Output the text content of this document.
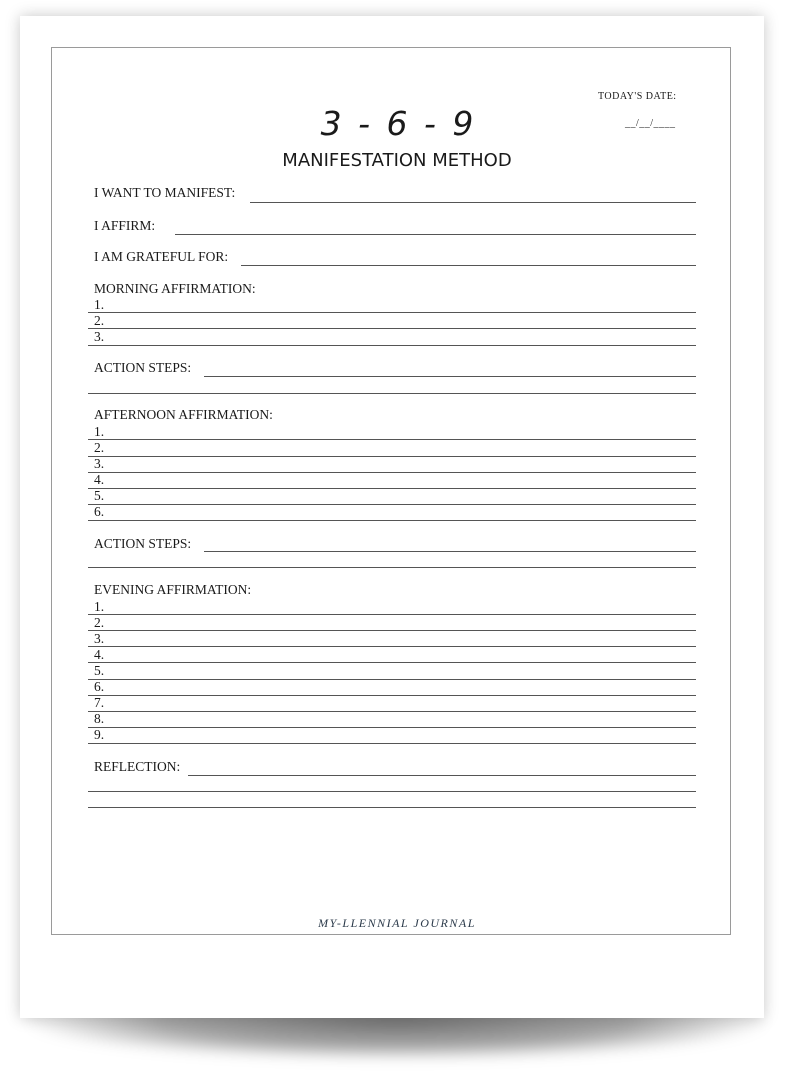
TODAY'S DATE:
__/__/____
3 - 6 - 9
MANIFESTATION METHOD
I WANT TO MANIFEST:
I AFFIRM:
I AM GRATEFUL FOR:
MORNING AFFIRMATION:
1.
2.
3.
ACTION STEPS:
AFTERNOON AFFIRMATION:
1.
2.
3.
4.
5.
6.
ACTION STEPS:
EVENING AFFIRMATION:
1.
2.
3.
4.
5.
6.
7.
8.
9.
REFLECTION:
MY-LLENNIAL JOURNAL
